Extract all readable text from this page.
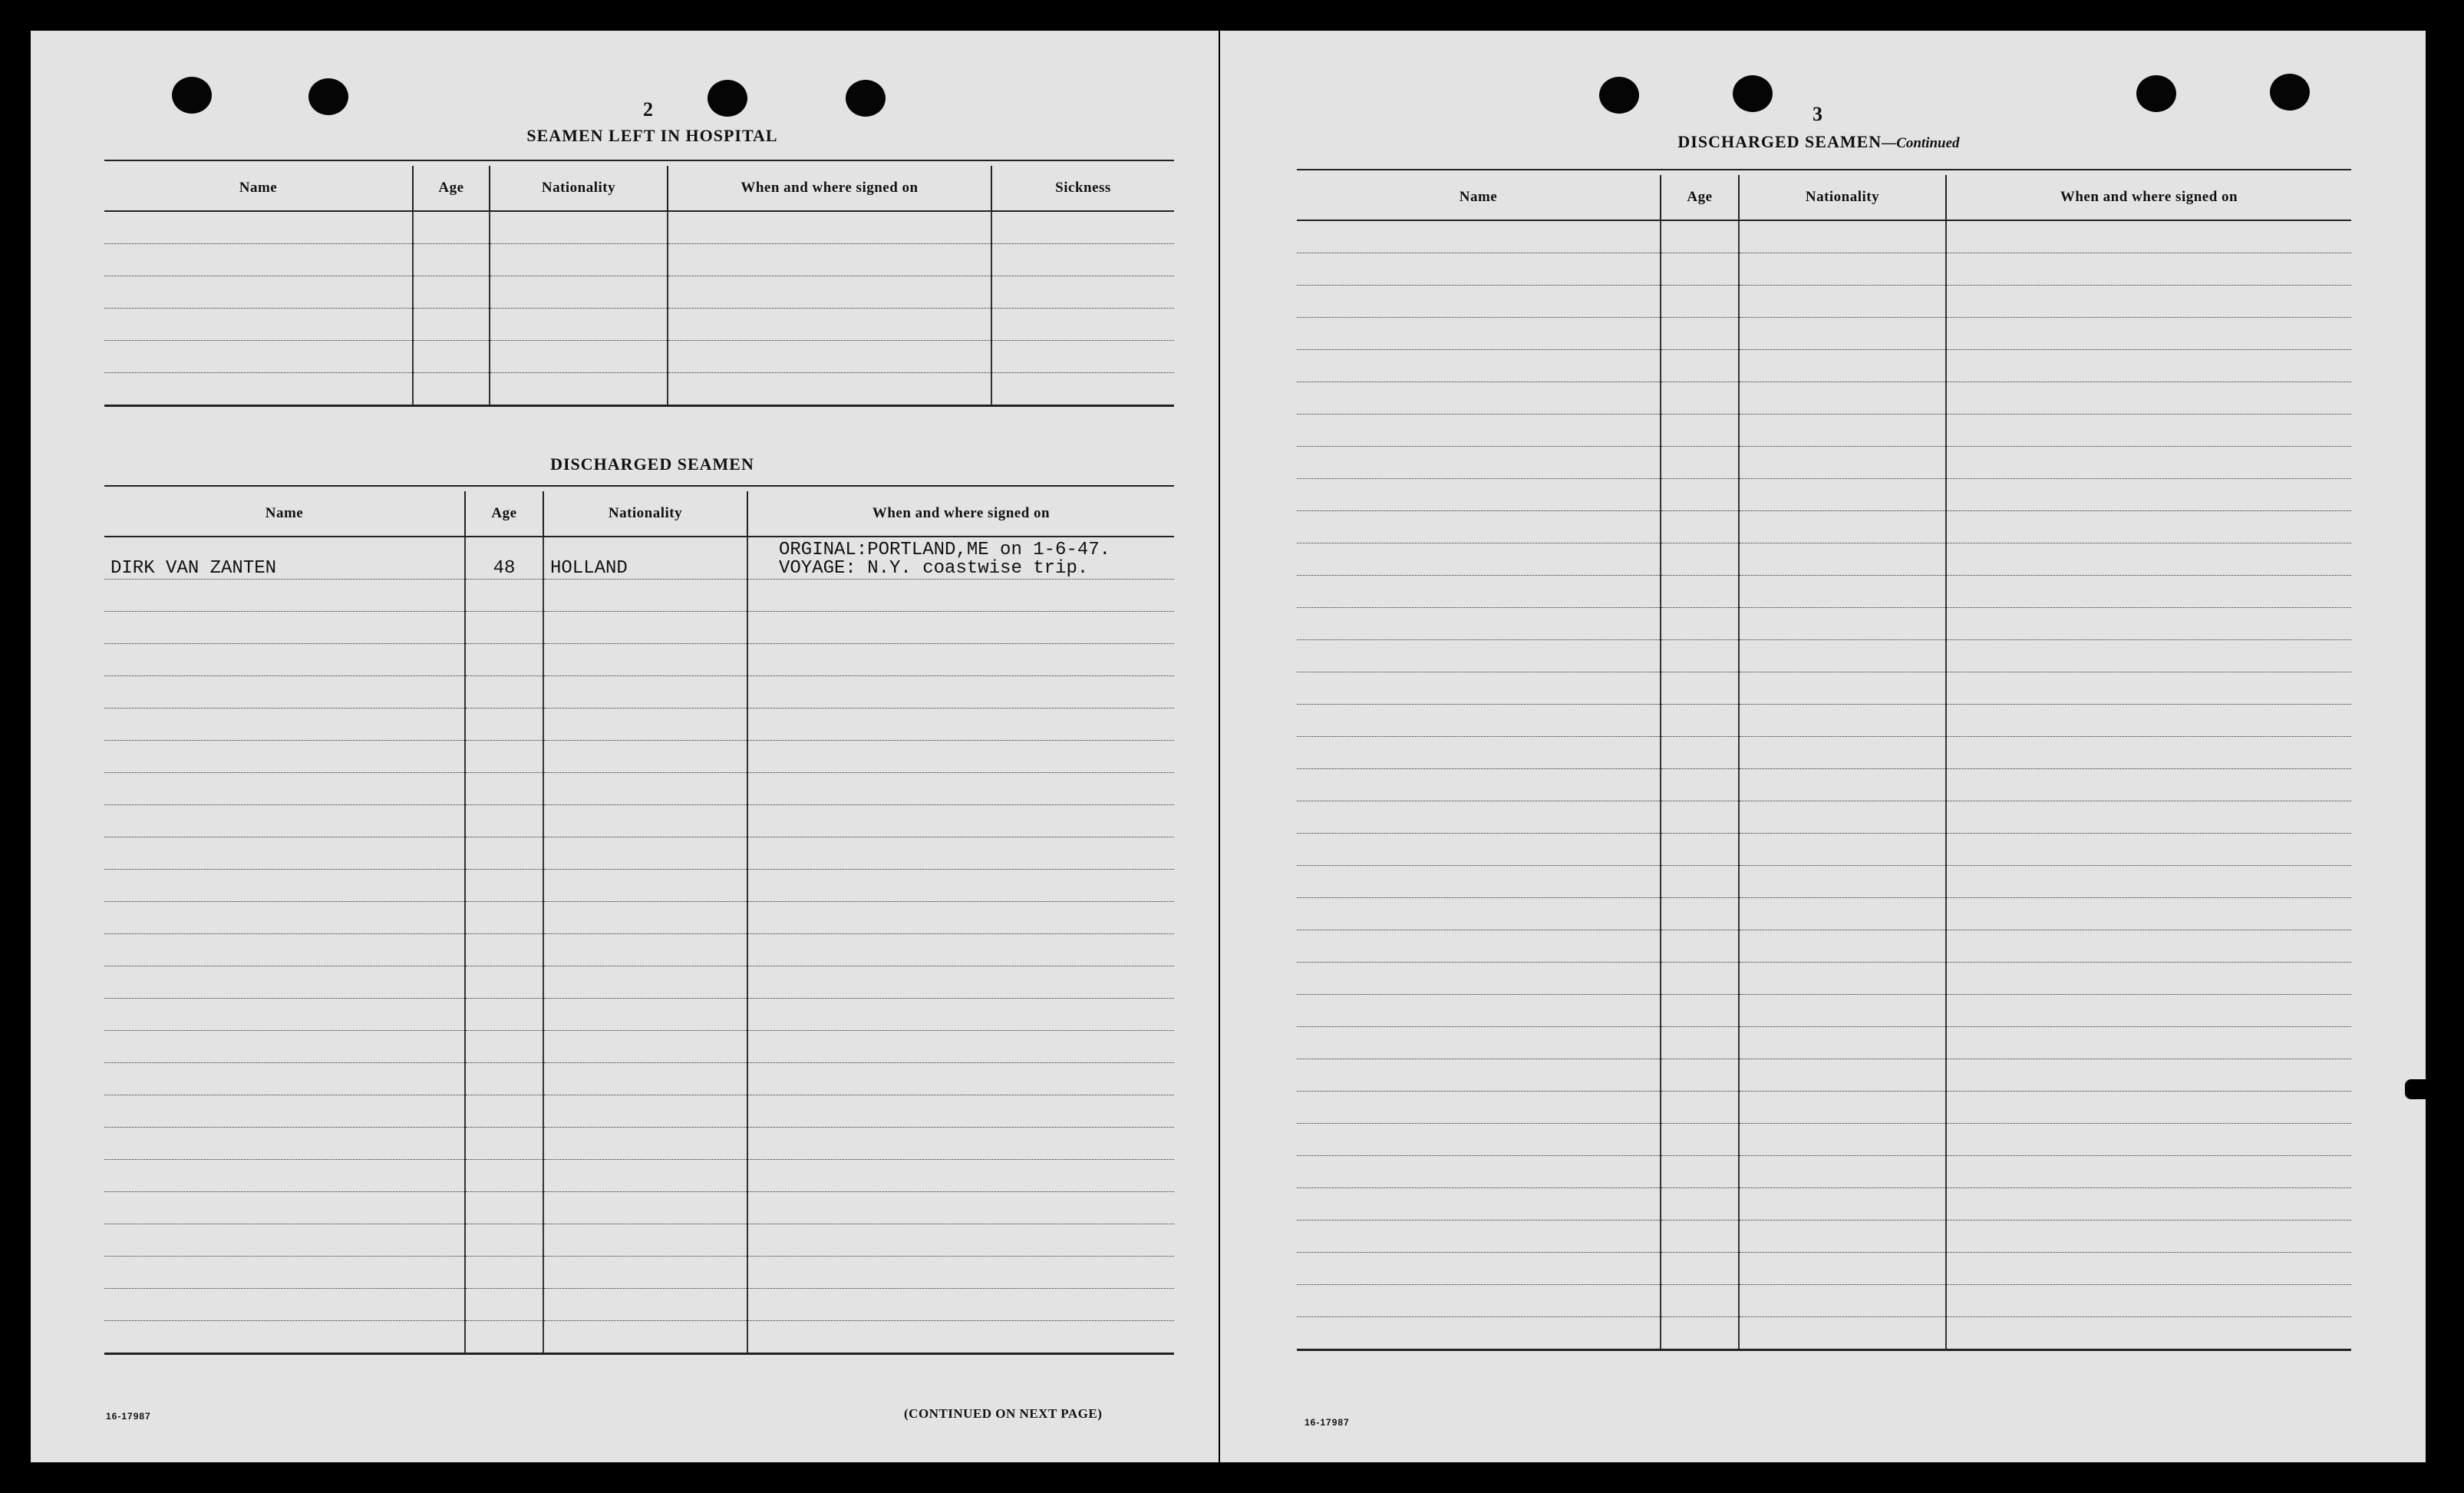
2
SEAMEN LEFT IN HOSPITAL
Name	Age	Nationality	When and where signed on	Sickness

DISCHARGED SEAMEN
Name	Age	Nationality	When and where signed on
DIRK VAN ZANTEN	48	HOLLAND	ORGINAL:PORTLAND,ME on 1-6-47.
VOYAGE: N.Y. coastwise trip.

16-17987	(CONTINUED ON NEXT PAGE)
3
DISCHARGED SEAMEN—Continued
Name	Age	Nationality	When and where signed on

16-17987
